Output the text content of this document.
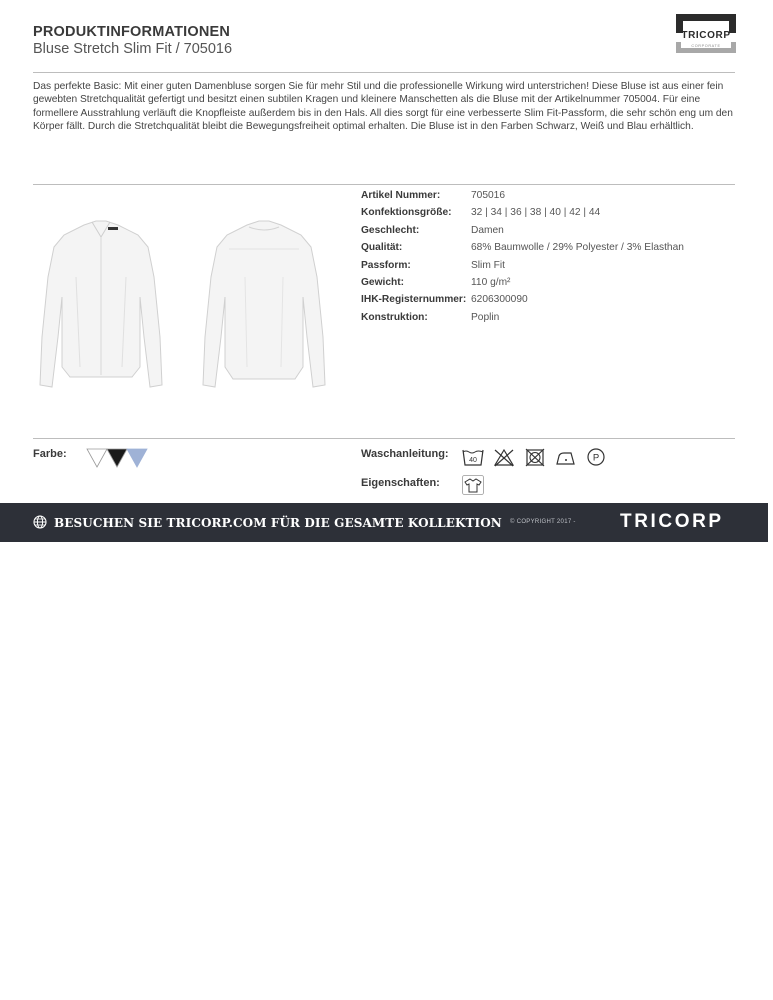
PRODUKTINFORMATIONEN
Bluse Stretch Slim Fit / 705016
TRICORP
CORPORATE
Das perfekte Basic: Mit einer guten Damenbluse sorgen Sie für mehr Stil und die professionelle Wirkung wird unterstrichen! Diese Bluse ist aus einer fein gewebten Stretchqualität gefertigt und besitzt einen subtilen Kragen und kleinere Manschetten als die Bluse mit der Artikelnummer 705004. Für eine formellere Ausstrahlung verläuft die Knopfleiste außerdem bis in den Hals. All dies sorgt für eine verbesserte Slim Fit-Passform, die sehr schön eng um den Körper fällt. Durch die Stretchqualität bleibt die Bewegungsfreiheit optimal erhalten. Die Bluse ist in den Farben Schwarz, Weiß und Blau erhältlich.
Artikel Nummer:	705016
Konfektionsgröße: 32 | 34 | 36 | 38 | 40 | 42 | 44
Geschlecht:	Damen
Qualität:	68% Baumwolle / 29% Polyester / 3% Elasthan
Passform:	Slim Fit
Gewicht:	110 g/m²
IHK-Registernummer: 6206300090
Konstruktion:	Poplin
Farbe:	Waschanleitung:
40	P
Eigenschaften:
BESUCHEN SIE TRICORP.COM FÜR DIE GESAMTE KOLLEKTION © COPYRIGHT 2017 - TRICORP
